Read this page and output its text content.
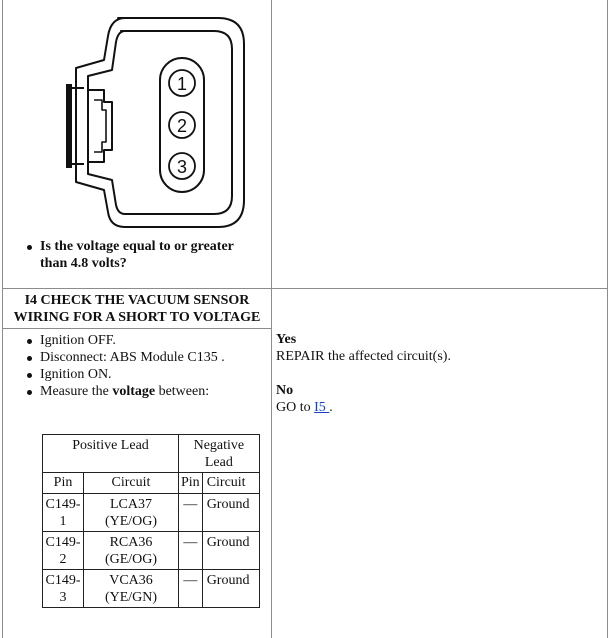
1
2
3
Is the voltage equal to or greater than 4.8 volts?
I4 CHECK THE VACUUM SENSOR WIRING FOR A SHORT TO VOLTAGE
Ignition OFF.
Disconnect: ABS Module C135 .
Ignition ON.
Measure the voltage between:
Positive Lead		Negative Lead	
Pin	Circuit	Pin	Circuit
C149-1	LCA37 (YE/OG)	—	Ground
C149-2	RCA36 (GE/OG)	—	Ground
C149-3	VCA36 (YE/GN)	—	Ground
Yes
REPAIR the affected circuit(s).
No
GO to I5 .
